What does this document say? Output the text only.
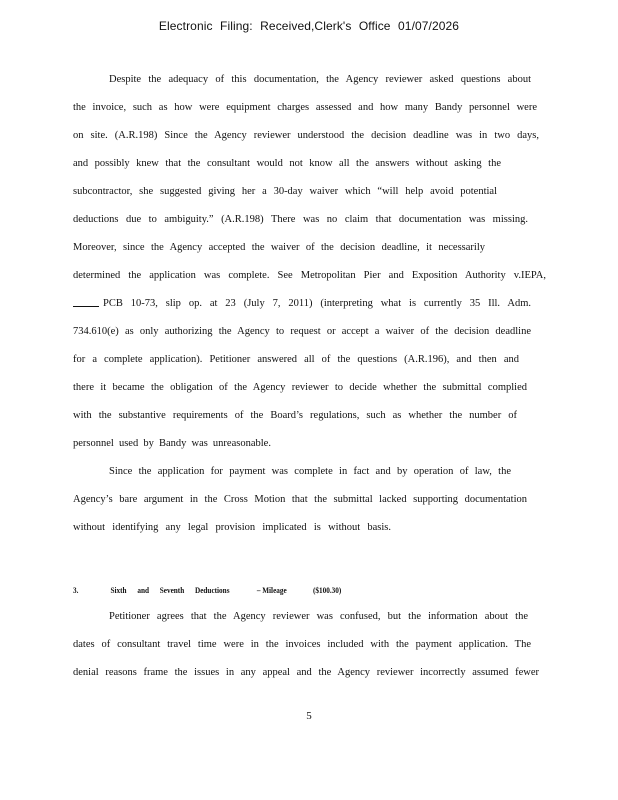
Electronic Filing: Received,Clerk's Office 01/07/2026
Despite the adequacy of this documentation, the Agency reviewer asked questions about
the invoice, such as how were equipment charges assessed and how many Bandy personnel were
on site. (A.R.198) Since the Agency reviewer understood the decision deadline was in two days,
and possibly knew that the consultant would not know all the answers without asking the
subcontractor, she suggested giving her a 30-day waiver which “will help avoid potential
deductions due to ambiguity.” (A.R.198) There was no claim that documentation was missing.
Moreover, since the Agency accepted the waiver of the decision deadline, it necessarily
determined the application was complete. See Metropolitan Pier and Exposition Authority v.IEPA,
PCB 10-73, slip op. at 23 (July 7, 2011) (interpreting what is currently 35 Ill. Adm.
734.610(e) as only authorizing the Agency to request or accept a waiver of the decision deadline
for a complete application). Petitioner answered all of the questions (A.R.196), and then and
there it became the obligation of the Agency reviewer to decide whether the submittal complied
with the substantive requirements of the Board’s regulations, such as whether the number of
personnel used by Bandy was unreasonable.
Since the application for payment was complete in fact and by operation of law, the
Agency’s bare argument in the Cross Motion that the submittal lacked supporting documentation
without identifying any legal provision implicated is without basis.
3.	Sixth and Seventh Deductions	– Mileage	($100.30)
Petitioner agrees that the Agency reviewer was confused, but the information about the
dates of consultant travel time were in the invoices included with the payment application. The
denial reasons frame the issues in any appeal and the Agency reviewer incorrectly assumed fewer
5
